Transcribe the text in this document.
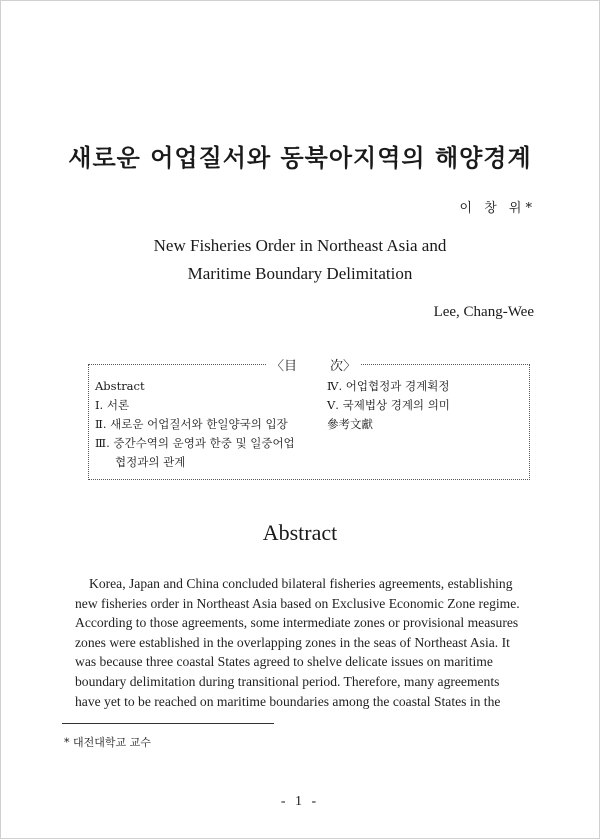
새로운 어업질서와 동북아지역의 해양경계
이 창 위*
New Fisheries Order in Northeast Asia and
Maritime Boundary Delimitation
Lee, Chang-Wee
〈目        次〉
Abstract
Ⅰ. 서론
Ⅱ. 새로운 어업질서와 한일양국의 입장
Ⅲ. 중간수역의 운영과 한중 및 일중어업
협정과의 관계
Ⅳ. 어업협정과 경계획정
Ⅴ. 국제법상 경계의 의미
參考文獻
Abstract
Korea, Japan and China concluded bilateral fisheries agreements, establishing
new fisheries order in Northeast Asia based on Exclusive Economic Zone regime.
According to those agreements, some intermediate zones or provisional measures
zones were established in the overlapping zones in the seas of Northeast Asia. It
was because three coastal States agreed to shelve delicate issues on maritime
boundary delimitation during transitional period. Therefore, many agreements
have yet to be reached on maritime boundaries among the coastal States in the
* 대전대학교 교수
- 1 -
